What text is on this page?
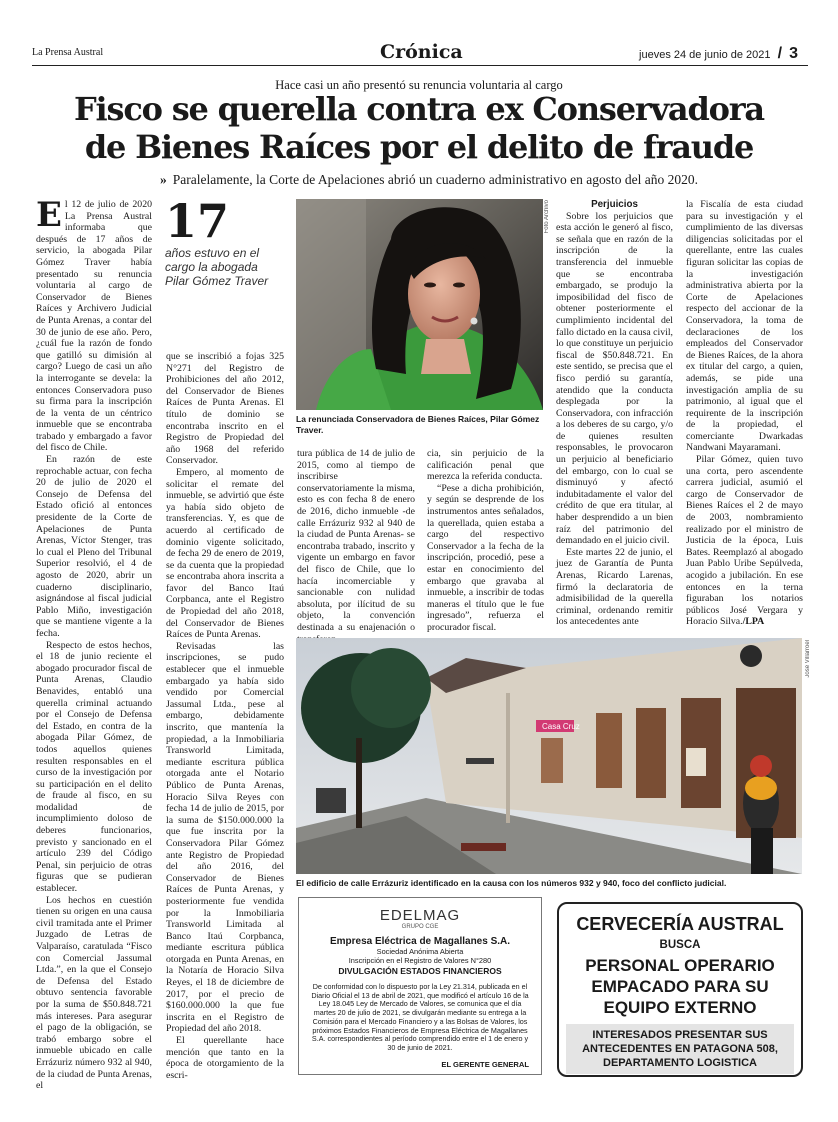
La Prensa Austral	Crónica	jueves 24 de junio de 2021 / 3
Hace casi un año presentó su renuncia voluntaria al cargo
Fisco se querella contra ex Conservadora
de Bienes Raíces por el delito de fraude
» Paralelamente, la Corte de Apelaciones abrió un cuaderno administrativo en agosto del año 2020.

El 12 de julio de 2020 La Prensa Austral informaba que después de 17 años de servicio, la abogada Pilar Gómez Traver había presentado su renuncia voluntaria al cargo de Conservador de Bienes Raíces y Archivero Judicial de Punta Arenas, a contar del 30 de junio de ese año. Pero, ¿cuál fue la razón de fondo que gatilló su dimisión al cargo? Luego de casi un año la interrogante se devela: la entonces Conservadora puso su firma para la inscripción de la venta de un céntrico inmueble que se encontraba trabado y embargado a favor del fisco de Chile.

En razón de este reprochable actuar, con fecha 20 de julio de 2020 el Consejo de Defensa del Estado ofició al entonces presidente de la Corte de Apelaciones de Punta Arenas, Víctor Stenger, tras lo cual el Pleno del Tribunal Superior resolvió, el 4 de agosto de 2020, abrir un cuaderno disciplinario, asignándose al fiscal judicial Pablo Miño, investigación que se mantiene vigente a la fecha.

Respecto de estos hechos, el 18 de junio reciente el abogado procurador fiscal de Punta Arenas, Claudio Benavides, entabló una querella criminal actuando por el Consejo de Defensa del Estado, en contra de la abogada Pilar Gómez, de todos aquellos quienes resulten responsables en el curso de la investigación por su participación en el delito de fraude al fisco, en su modalidad de incumplimiento doloso de deberes funcionarios, previsto y sancionado en el artículo 239 del Código Penal, sin perjuicio de otras figuras que se pudieran establecer.

Los hechos en cuestión tienen su origen en una causa civil tramitada ante el Primer Juzgado de Letras de Valparaíso, caratulada “Fisco con Comercial Jassumal Ltda.”, en la que el Consejo de Defensa del Estado obtuvo sentencia favorable por la suma de $50.848.721 más intereses. Para asegurar el pago de la obligación, se trabó embargo sobre el inmueble ubicado en calle Errázuriz número 932 al 940, de la ciudad de Punta Arenas, el

17
años estuvo en el cargo la abogada Pilar Gómez Traver

que se inscribió a fojas 325 N°271 del Registro de Prohibiciones del año 2012, del Conservador de Bienes Raíces de Punta Arenas. El título de dominio se encontraba inscrito en el Registro de Propiedad del año 1968 del referido Conservador.

Empero, al momento de solicitar el remate del inmueble, se advirtió que éste ya había sido objeto de transferencias. Y, es que de acuerdo al certificado de dominio vigente solicitado, de fecha 29 de enero de 2019, se da cuenta que la propiedad se encontraba ahora inscrita a favor del Banco Itaú Corpbanca, ante el Registro de Propiedad del año 2018, del Conservador de Bienes Raíces de Punta Arenas.

Revisadas las inscripciones, se pudo establecer que el inmueble embargado ya había sido vendido por Comercial Jassumal Ltda., pese al embargo, debidamente inscrito, que mantenía la propiedad, a la Inmobiliaria Transworld Limitada, mediante escritura pública otorgada ante el Notario Público de Punta Arenas, Horacio Silva Reyes con fecha 14 de julio de 2015, por la suma de $150.000.000 la que fue inscrita por la Conservadora Pilar Gómez ante Registro de Propiedad del año 2016, del Conservador de Bienes Raíces de Punta Arenas, y posteriormente fue vendida por la Inmobiliaria Transworld Limitada al Banco Itaú Corpbanca, mediante escritura pública otorgada en Punta Arenas, en la Notaría de Horacio Silva Reyes, el 18 de diciembre de 2017, por el precio de $160.000.000 la que fue inscrita en el Registro de Propiedad del año 2018.

El querellante hace mención que tanto en la época de otorgamiento de la escri-

Foto Archivo
La renunciada Conservadora de Bienes Raíces, Pilar Gómez Traver.

tura pública de 14 de julio de 2015, como al tiempo de inscribirse conservatoriamente la misma, esto es con fecha 8 de enero de 2016, dicho inmueble -de calle Errázuriz 932 al 940 de la ciudad de Punta Arenas- se encontraba trabado, inscrito y vigente un embargo en favor del fisco de Chile, que lo hacía incomerciable y sancionable con nulidad absoluta, por ilícitud de su objeto, la convención destinada a su enajenación o

cia, sin perjuicio de la calificación penal que merezca la referida conducta.

“Pese a dicha prohibición, y según se desprende de los instrumentos antes señalados, la querellada, quien estaba a cargo del respectivo Conservador a la fecha de la inscripción, procedió, pese a estar en conocimiento del embargo que gravaba al inmueble, a inscribir de todas maneras el título que le fue ingresado”, refuerza el procurador fiscal.

Perjuicios

Sobre los perjuicios que esta acción le generó al fisco, se señala que en razón de la inscripción de la transferencia del inmueble que se encontraba embargado, se produjo la imposibilidad del fisco de obtener posteriormente el cumplimiento incidental del fallo dictado en la causa civil, lo que constituye un perjuicio fiscal de $50.848.721. En este sentido, se precisa que el fisco perdió su garantía, atendido que la conducta desplegada por la Conservadora, con infracción a los deberes de su cargo, y/o de quienes resulten responsables, le provocaron un perjuicio al beneficiario del embargo, con lo cual se disminuyó y afectó indubitadamente el valor del crédito de que era titular, al haber desprendido a un bien raíz del patrimonio del demandado en el juicio civil.

Este martes 22 de junio, el juez de Garantía de Punta Arenas, Ricardo Larenas, firmó la declaratoria de admisibilidad de la querella criminal, ordenando remitir los antecedentes ante

la Fiscalía de esta ciudad para su investigación y el cumplimiento de las diversas diligencias solicitadas por el querellante, entre las cuales figuran solicitar las copias de la investigación administrativa abierta por la Corte de Apelaciones respecto del accionar de la Conservadora, la toma de declaraciones de los empleados del Conservador de Bienes Raíces, de la ahora ex titular del cargo, a quien, además, se pide una investigación amplia de su patrimonio, al igual que el requirente de la inscripción de la propiedad, el comerciante Dwarkadas Nandwani Mayaramani.

Pilar Gómez, quien tuvo una corta, pero ascendente carrera judicial, asumió el cargo de Conservador de Bienes Raíces el 2 de mayo de 2003, nombramiento realizado por el ministro de Justicia de la época, Luis Bates. Reemplazó al abogado Juan Pablo Uribe Sepúlveda, acogido a jubilación. En ese entonces en la terna figuraban los notarios públicos José Vergara y Horacio Silva./LPA

Casa Cruz
José Villarroel
El edificio de calle Errázuriz identificado en la causa con los números 932 y 940, foco del conflicto judicial.
EDELMAG
GRUPO CGE
Empresa Eléctrica de Magallanes S.A.
Sociedad Anónima Abierta
Inscripción en el Registro de Valores N°280
DIVULGACIÓN ESTADOS FINANCIEROS
De conformidad con lo dispuesto por la Ley 21.314, publicada en el Diario Oficial el 13 de abril de 2021, que modificó el artículo 16 de la Ley 18.045 Ley de Mercado de Valores, se comunica que el día martes 20 de julio de 2021, se divulgarán mediante su entrega a la Comisión para el Mercado Financiero y a las Bolsas de Valores, los próximos Estados Financieros de Empresa Eléctrica de Magallanes S.A. correspondientes al período comprendido entre el 1 de enero y 30 de junio de 2021.
EL GERENTE GENERAL
CERVECERÍA AUSTRAL
BUSCA
PERSONAL OPERARIO EMPACADO PARA SU EQUIPO EXTERNO
INTERESADOS PRESENTAR SUS ANTECEDENTES EN PATAGONA 508, DEPARTAMENTO LOGISTICA
